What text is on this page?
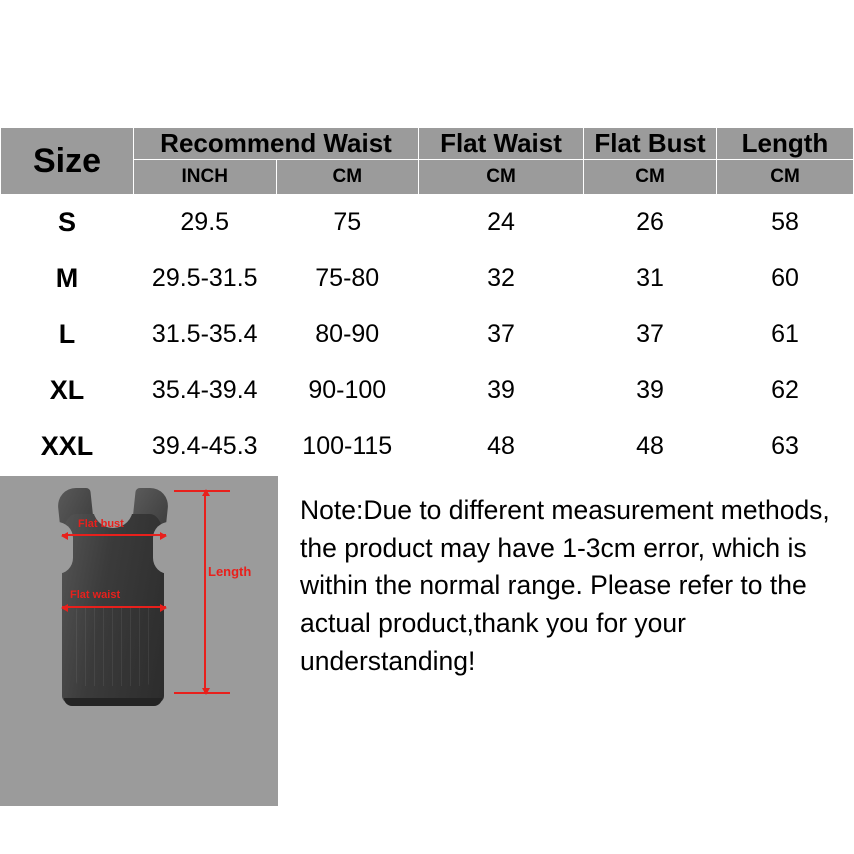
Size	Recommend Waist		Flat Waist	Flat Bust	Length
	INCH	CM	CM	CM	CM
S	29.5	75	24	26	58
M	29.5-31.5	75-80	32	31	60
L	31.5-35.4	80-90	37	37	61
XL	35.4-39.4	90-100	39	39	62
XXL	39.4-45.3	100-115	48	48	63
Flat bust
Flat waist
Length
Note:Due to different measurement methods, the product may have 1-3cm error, which is within the normal range. Please refer to the actual product,thank you for your understanding!
